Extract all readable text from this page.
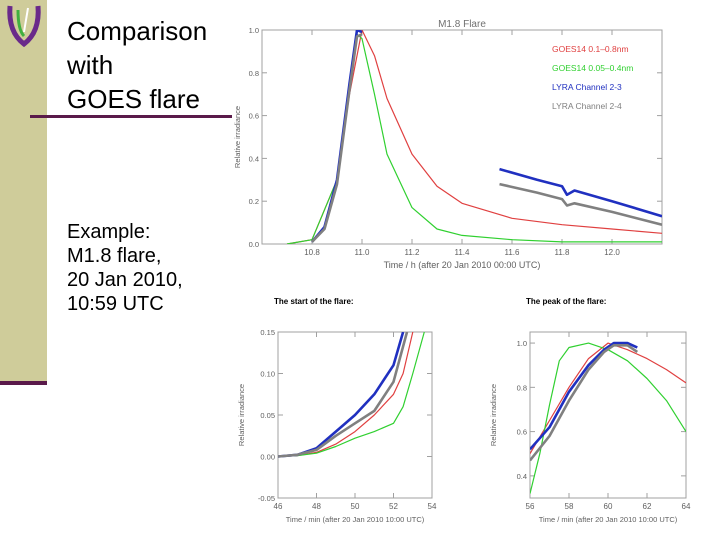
Comparison
with
GOES flare
Example:
M1.8 flare,
20 Jan 2010,
10:59 UTC
M1.8 Flare
10.8	11.0	11.2	11.4	11.6	11.8	12.0
0.0
0.2
0.4
0.6
0.8
1.0
Time / h (after 20 Jan 2010 00:00 UTC)
Relative irradiance
GOES14 0.1–0.8nm
GOES14 0.05–0.4nm
LYRA Channel 2-3
LYRA Channel 2-4
The start of the flare:
46	48	50	52	54
-0.05
0.00
0.05
0.10
0.15
Time / min (after 20 Jan 2010 10:00 UTC)
Relative irradiance
The peak of the flare:
56	58	60	62	64
0.4
0.6
0.8
1.0
Time / min (after 20 Jan 2010 10:00 UTC)
Relative irradiance
